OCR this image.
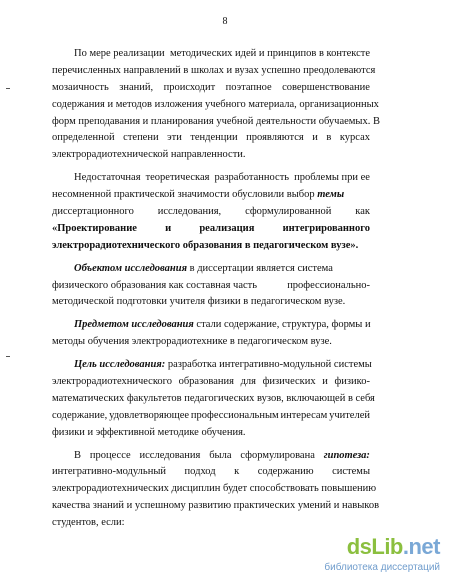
8
По мере реализации методических идей и принципов в контексте
перечисленных направлений в школах и вузах успешно преодолеваются
мозаичность знаний, происходит поэтапное совершенствование
содержания и методов изложения учебного материала, организационных
форм преподавания и планирования учебной деятельности обучаемых. В
определенной степени эти тенденции проявляются и в курсах
электрорадиотехнической направленности.
Недостаточная теоретическая разработанность проблемы при ее
несомненной практической значимости обусловили
выбор
темы
диссертационного исследования, сформулированной как
«Проектирование	и	реализация	интегрированного
электрорадиотехнического образования в педагогическом вузе».
Объектом исследования
в диссертации является система
физического образования как составная часть	профессионально-
методической подготовки учителя физики в педагогическом вузе.
Предметом исследования
стали содержание, структура, формы и
методы обучения электрорадиотехнике в педагогическом вузе.
Цель исследования:
разработка интегративно-модульной системы
электрорадиотехнического образования для физических и физико-
математических факультетов педагогических вузов, включающей в себя
содержание, удовлетворяющее профессиональным интересам учителей
физики и эффективной методике обучения.
В процессе исследования была сформулирована гипотеза:
интегративно-модульный подход к содержанию системы
электрорадиотехнических дисциплин будет способствовать повышению
качества знаний и успешному развитию практических умений и навыков
студентов, если:
dsLib.net
библиотека диссертаций
